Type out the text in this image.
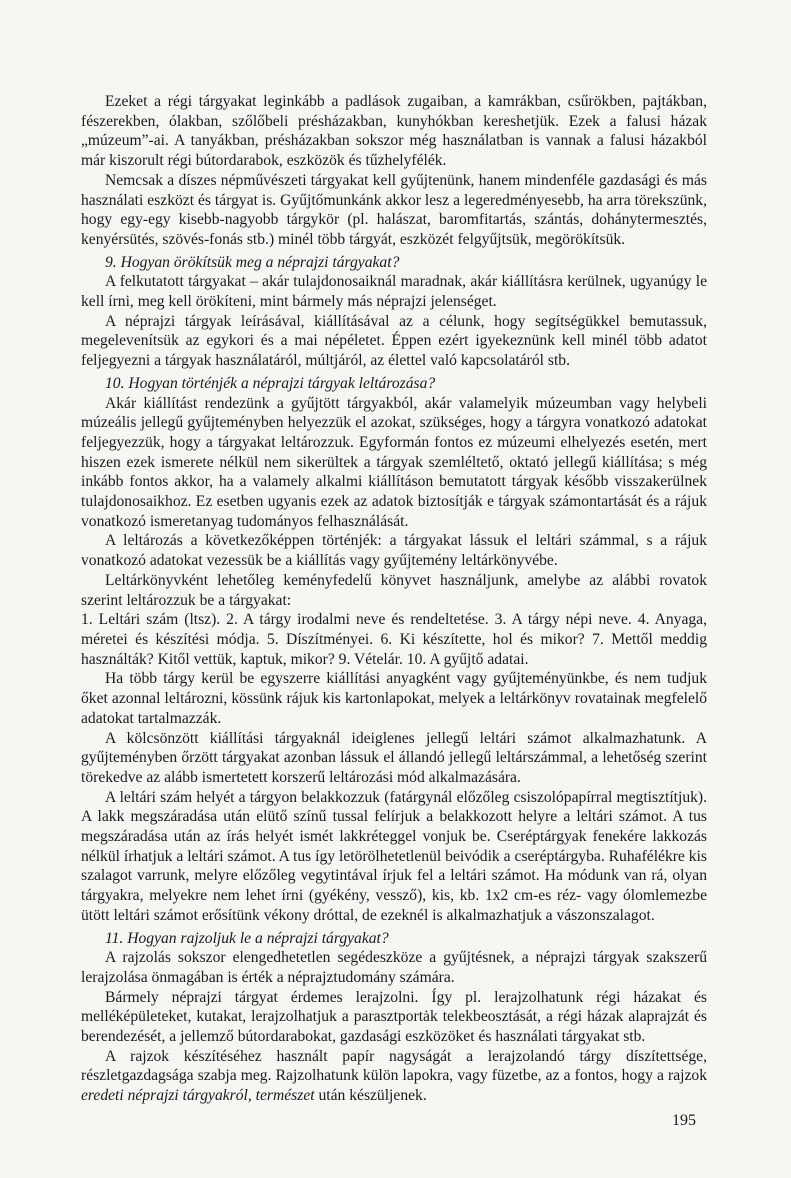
Ezeket a régi tárgyakat leginkább a padlások zugaiban, a kamrákban, csűrökben, pajtákban, fészerekben, ólakban, szőlőbeli présházakban, kunyhókban kereshetjük. Ezek a falusi házak „múzeum”-ai. A tanyákban, présházakban sokszor még használatban is vannak a falusi házakból már kiszorult régi bútordarabok, eszközök és tűzhelyfélék.

Nemcsak a díszes népművészeti tárgyakat kell gyűjtenünk, hanem mindenféle gazdasági és más használati eszközt és tárgyat is. Gyűjtőmunkánk akkor lesz a legeredményesebb, ha arra törekszünk, hogy egy-egy kisebb-nagyobb tárgykör (pl. halászat, baromfitartás, szántás, dohánytermesztés, kenyérsütés, szövés-fonás stb.) minél több tárgyát, eszközét felgyűjtsük, megörökítsük.

9. Hogyan örökítsük meg a néprajzi tárgyakat?

A felkutatott tárgyakat – akár tulajdonosaiknál maradnak, akár kiállításra kerülnek, ugyanúgy le kell írni, meg kell örökíteni, mint bármely más néprajzi jelenséget.

A néprajzi tárgyak leírásával, kiállításával az a célunk, hogy segítségükkel bemutassuk, megelevenítsük az egykori és a mai népéletet. Éppen ezért igyekeznünk kell minél több adatot feljegyezni a tárgyak használatáról, múltjáról, az élettel való kapcsolatáról stb.

10. Hogyan történjék a néprajzi tárgyak leltározása?

Akár kiállítást rendezünk a gyűjtött tárgyakból, akár valamelyik múzeumban vagy helybeli múzeális jellegű gyűjteményben helyezzük el azokat, szükséges, hogy a tárgyra vonatkozó adatokat feljegyezzük, hogy a tárgyakat leltározzuk. Egyformán fontos ez múzeumi elhelyezés esetén, mert hiszen ezek ismerete nélkül nem sikerültek a tárgyak szemléltető, oktató jellegű kiállítása; s még inkább fontos akkor, ha a valamely alkalmi kiállításon bemutatott tárgyak később visszakerülnek tulajdonosaikhoz. Ez esetben ugyanis ezek az adatok biztosítják e tárgyak számontartását és a rájuk vonatkozó ismeretanyag tudományos felhasználását.

A leltározás a következőképpen történjék: a tárgyakat lássuk el leltári számmal, s a rájuk vonatkozó adatokat vezessük be a kiállítás vagy gyűjtemény leltárkönyvébe.

Leltárkönyvként lehetőleg keményfedelű könyvet használjunk, amelybe az alábbi rovatok szerint leltározzuk be a tárgyakat:

1. Leltári szám (ltsz). 2. A tárgy irodalmi neve és rendeltetése. 3. A tárgy népi neve. 4. Anyaga, méretei és készítési módja. 5. Díszítményei. 6. Ki készítette, hol és mikor? 7. Mettől meddig használták? Kitől vettük, kaptuk, mikor? 9. Vételár. 10. A gyűjtő adatai.

Ha több tárgy kerül be egyszerre kiállítási anyagként vagy gyűjteményünkbe, és nem tudjuk őket azonnal leltározni, kössünk rájuk kis kartonlapokat, melyek a leltárkönyv rovatainak megfelelő adatokat tartalmazzák.

A kölcsönzött kiállítási tárgyaknál ideiglenes jellegű leltári számot alkalmazhatunk. A gyűjteményben őrzött tárgyakat azonban lássuk el állandó jellegű leltárszámmal, a lehetőség szerint törekedve az alább ismertetett korszerű leltározási mód alkalmazására.

A leltári szám helyét a tárgyon belakkozzuk (fatárgynál előzőleg csiszolópapírral megtisztítjuk). A lakk megszáradása után elütő színű tussal felírjuk a belakkozott helyre a leltári számot. A tus megszáradása után az írás helyét ismét lakkréteggel vonjuk be. Cseréptárgyak fenekére lakkozás nélkül írhatjuk a leltári számot. A tus így letörölhetetlenül beivódik a cseréptárgyba. Ruhafélékre kis szalagot varrunk, melyre előzőleg vegytintával írjuk fel a leltári számot. Ha módunk van rá, olyan tárgyakra, melyekre nem lehet írni (gyékény, vessző), kis, kb. 1x2 cm-es réz- vagy ólomlemezbe ütött leltári számot erősítünk vékony dróttal, de ezeknél is alkalmazhatjuk a vászonszalagot.

11. Hogyan rajzoljuk le a néprajzi tárgyakat?

A rajzolás sokszor elengedhetetlen segédeszköze a gyűjtésnek, a néprajzi tárgyak szakszerű lerajzolása önmagában is érték a néprajztudomány számára.

Bármely néprajzi tárgyat érdemes lerajzolni. Így pl. lerajzolhatunk régi házakat és melléképületeket, kutakat, lerajzolhatjuk a parasztportȧk telekbeosztását, a régi házak alaprajzát és berendezését, a jellemző bútordarabokat, gazdasági eszközöket és használati tárgyakat stb.

A rajzok készítéséhez használt papír nagyságát a lerajzolandó tárgy díszítettsége, részletgazdagsága szabja meg. Rajzolhatunk külön lapokra, vagy füzetbe, az a fontos, hogy a rajzok eredeti néprajzi tárgyakról, természet után készüljenek.

195
